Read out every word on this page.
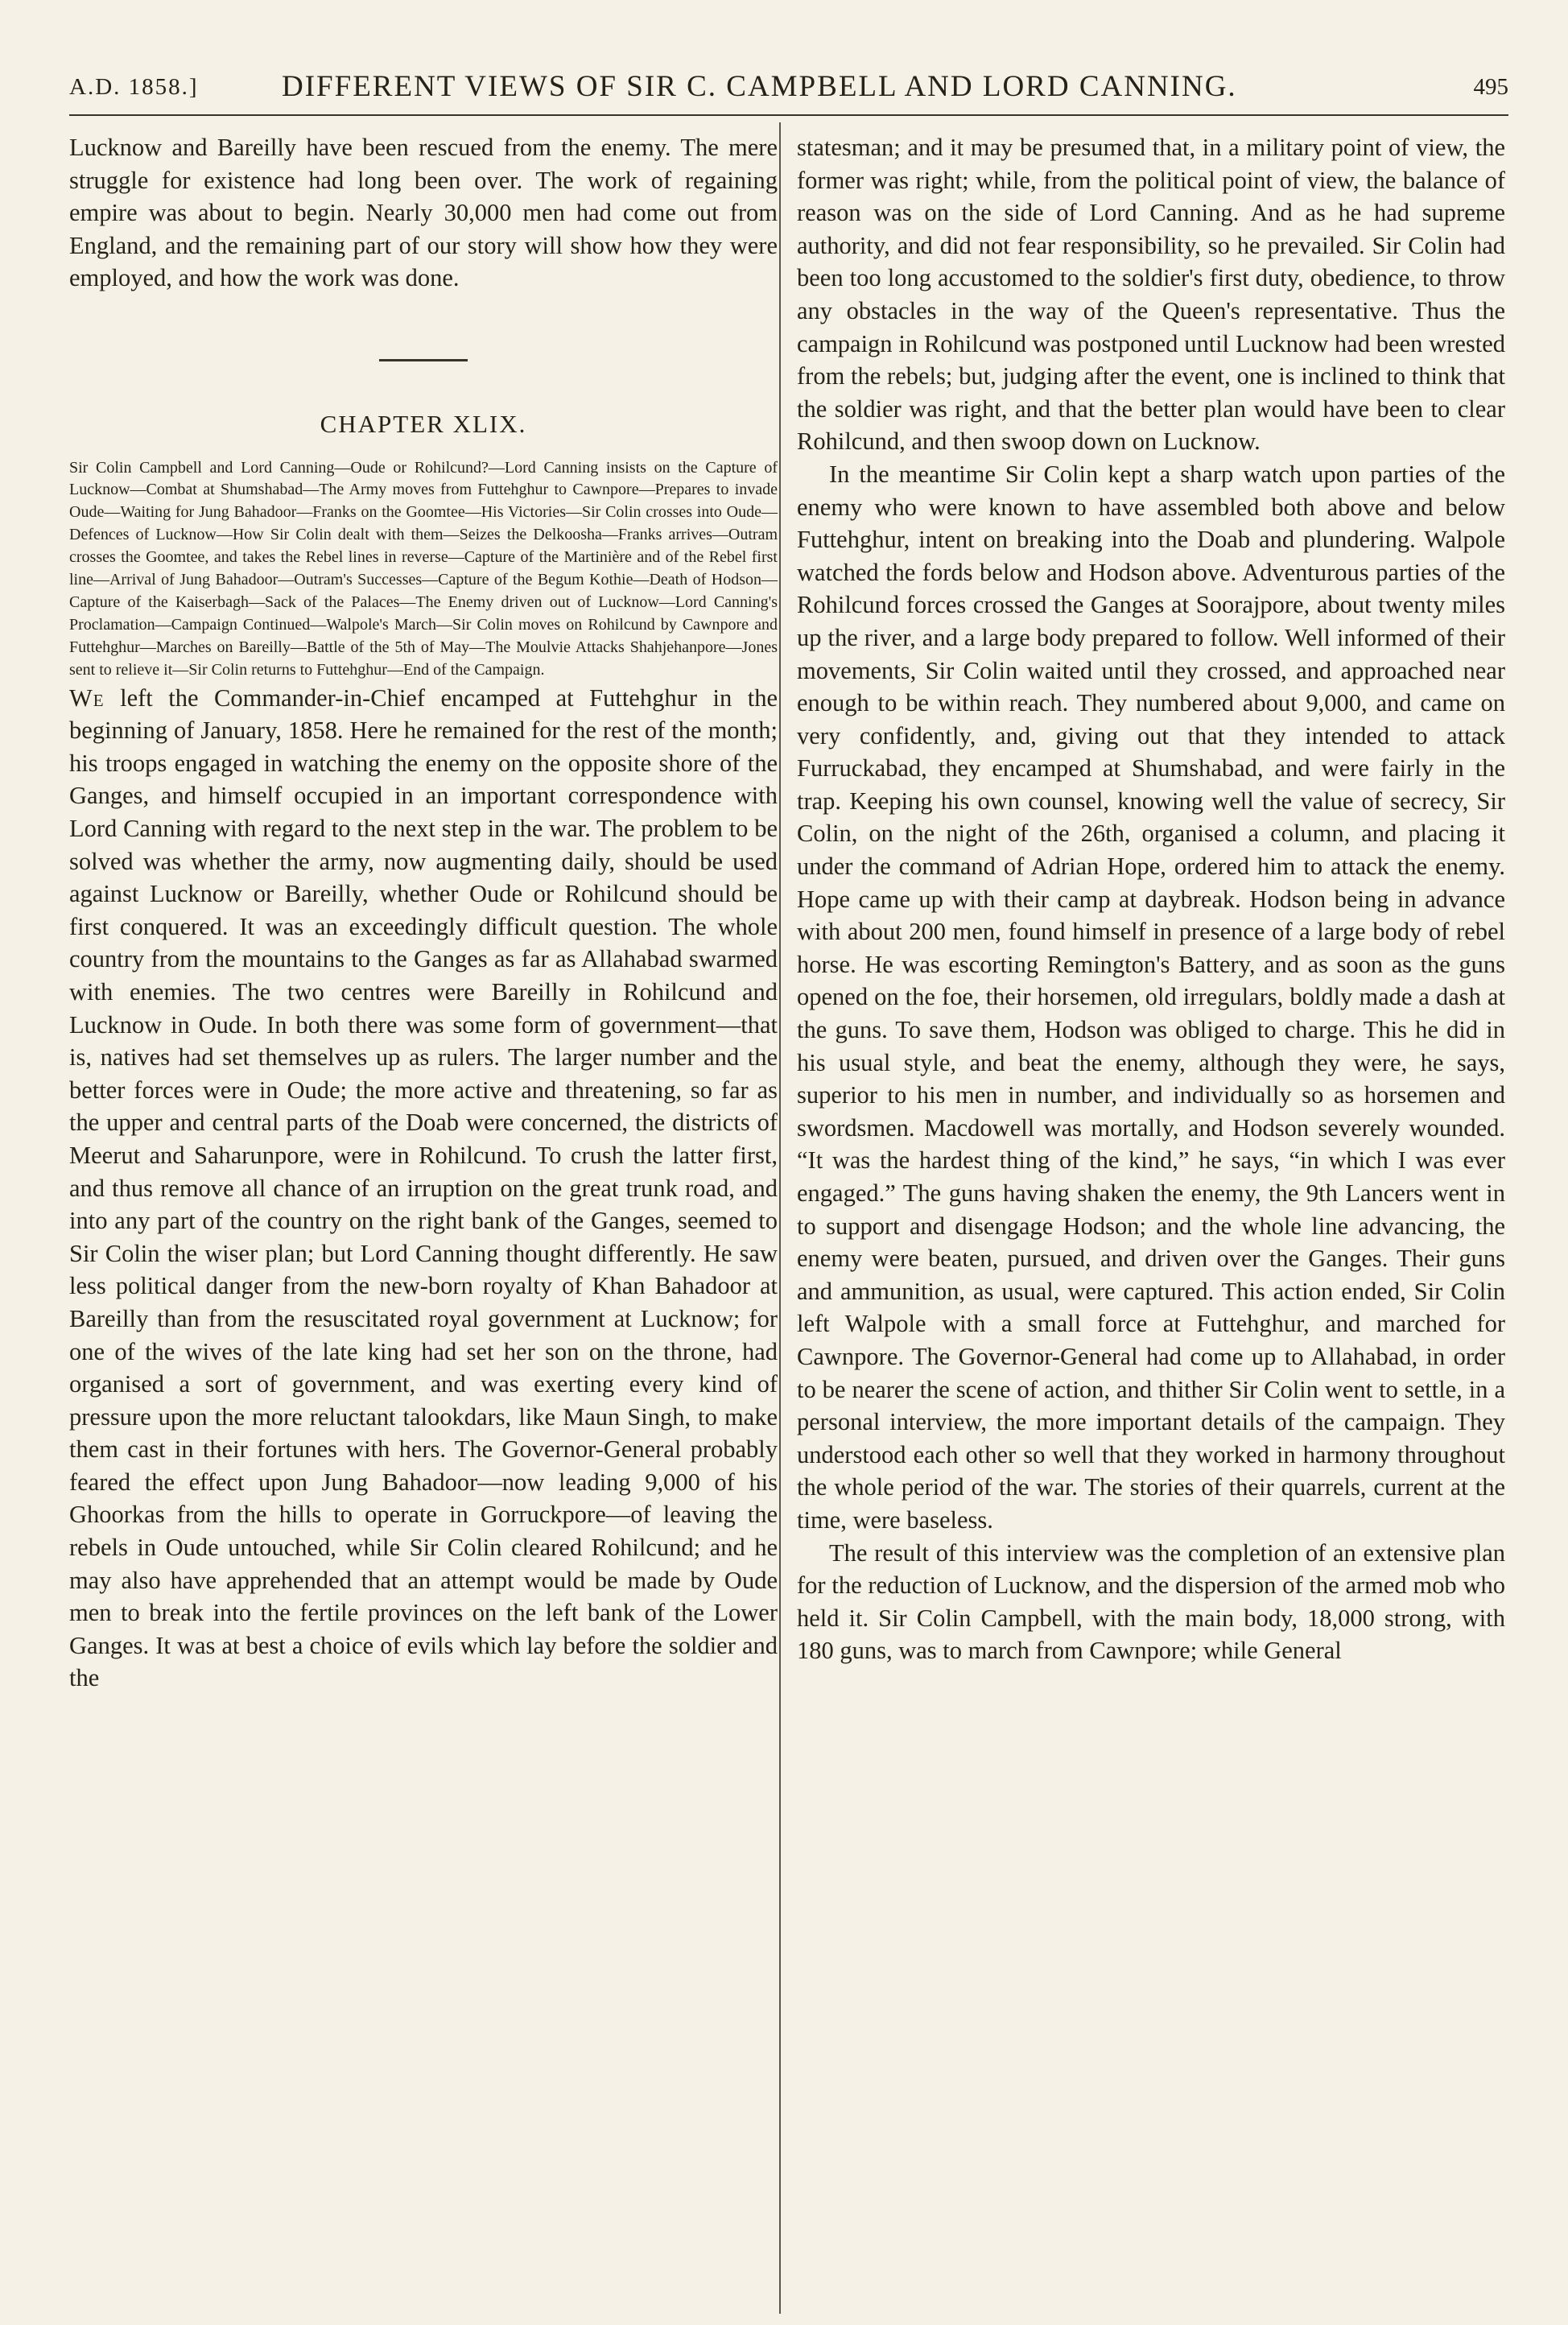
A.D. 1858.]	DIFFERENT VIEWS OF SIR C. CAMPBELL AND LORD CANNING.	495

Lucknow and Bareilly have been rescued from the enemy. The mere struggle for existence had long been over. The work of regaining empire was about to begin. Nearly 30,000 men had come out from England, and the remaining part of our story will show how they were employed, and how the work was done.

CHAPTER XLIX.

Sir Colin Campbell and Lord Canning—Oude or Rohilcund?—Lord Canning insists on the Capture of Lucknow—Combat at Shumshabad—The Army moves from Futtehghur to Cawnpore—Prepares to invade Oude—Waiting for Jung Bahadoor—Franks on the Goomtee—His Victories—Sir Colin crosses into Oude—Defences of Lucknow—How Sir Colin dealt with them—Seizes the Delkoosha—Franks arrives—Outram crosses the Goomtee, and takes the Rebel lines in reverse—Capture of the Martinière and of the Rebel first line—Arrival of Jung Bahadoor—Outram's Successes—Capture of the Begum Kothie—Death of Hodson—Capture of the Kaiserbagh—Sack of the Palaces—The Enemy driven out of Lucknow—Lord Canning's Proclamation—Campaign Continued—Walpole's March—Sir Colin moves on Rohilcund by Cawnpore and Futtehghur—Marches on Bareilly—Battle of the 5th of May—The Moulvie Attacks Shahjehanpore—Jones sent to relieve it—Sir Colin returns to Futtehghur—End of the Campaign.

We left the Commander-in-Chief encamped at Futtehghur in the beginning of January, 1858. Here he remained for the rest of the month; his troops engaged in watching the enemy on the opposite shore of the Ganges, and himself occupied in an important correspondence with Lord Canning with regard to the next step in the war. The problem to be solved was whether the army, now augmenting daily, should be used against Lucknow or Bareilly, whether Oude or Rohilcund should be first conquered. It was an exceedingly difficult question. The whole country from the mountains to the Ganges as far as Allahabad swarmed with enemies. The two centres were Bareilly in Rohilcund and Lucknow in Oude. In both there was some form of government—that is, natives had set themselves up as rulers. The larger number and the better forces were in Oude; the more active and threatening, so far as the upper and central parts of the Doab were concerned, the districts of Meerut and Saharunpore, were in Rohilcund. To crush the latter first, and thus remove all chance of an irruption on the great trunk road, and into any part of the country on the right bank of the Ganges, seemed to Sir Colin the wiser plan; but Lord Canning thought differently. He saw less political danger from the new-born royalty of Khan Bahadoor at Bareilly than from the resuscitated royal government at Lucknow; for one of the wives of the late king had set her son on the throne, had organised a sort of government, and was exerting every kind of pressure upon the more reluctant talookdars, like Maun Singh, to make them cast in their fortunes with hers. The Governor-General probably feared the effect upon Jung Bahadoor—now leading 9,000 of his Ghoorkas from the hills to operate in Gorruckpore—of leaving the rebels in Oude untouched, while Sir Colin cleared Rohilcund; and he may also have apprehended that an attempt would be made by Oude men to break into the fertile provinces on the left bank of the Lower Ganges. It was at best a choice of evils which lay before the soldier and the

statesman; and it may be presumed that, in a military point of view, the former was right; while, from the political point of view, the balance of reason was on the side of Lord Canning. And as he had supreme authority, and did not fear responsibility, so he prevailed. Sir Colin had been too long accustomed to the soldier's first duty, obedience, to throw any obstacles in the way of the Queen's representative. Thus the campaign in Rohilcund was postponed until Lucknow had been wrested from the rebels; but, judging after the event, one is inclined to think that the soldier was right, and that the better plan would have been to clear Rohilcund, and then swoop down on Lucknow.

In the meantime Sir Colin kept a sharp watch upon parties of the enemy who were known to have assembled both above and below Futtehghur, intent on breaking into the Doab and plundering. Walpole watched the fords below and Hodson above. Adventurous parties of the Rohilcund forces crossed the Ganges at Soorajpore, about twenty miles up the river, and a large body prepared to follow. Well informed of their movements, Sir Colin waited until they crossed, and approached near enough to be within reach. They numbered about 9,000, and came on very confidently, and, giving out that they intended to attack Furruckabad, they encamped at Shumshabad, and were fairly in the trap. Keeping his own counsel, knowing well the value of secrecy, Sir Colin, on the night of the 26th, organised a column, and placing it under the command of Adrian Hope, ordered him to attack the enemy. Hope came up with their camp at daybreak. Hodson being in advance with about 200 men, found himself in presence of a large body of rebel horse. He was escorting Remington's Battery, and as soon as the guns opened on the foe, their horsemen, old irregulars, boldly made a dash at the guns. To save them, Hodson was obliged to charge. This he did in his usual style, and beat the enemy, although they were, he says, superior to his men in number, and individually so as horsemen and swordsmen. Macdowell was mortally, and Hodson severely wounded. “It was the hardest thing of the kind,” he says, “in which I was ever engaged.” The guns having shaken the enemy, the 9th Lancers went in to support and disengage Hodson; and the whole line advancing, the enemy were beaten, pursued, and driven over the Ganges. Their guns and ammunition, as usual, were captured. This action ended, Sir Colin left Walpole with a small force at Futtehghur, and marched for Cawnpore. The Governor-General had come up to Allahabad, in order to be nearer the scene of action, and thither Sir Colin went to settle, in a personal interview, the more important details of the campaign. They understood each other so well that they worked in harmony throughout the whole period of the war. The stories of their quarrels, current at the time, were baseless.

The result of this interview was the completion of an extensive plan for the reduction of Lucknow, and the dispersion of the armed mob who held it. Sir Colin Campbell, with the main body, 18,000 strong, with 180 guns, was to march from Cawnpore; while General
